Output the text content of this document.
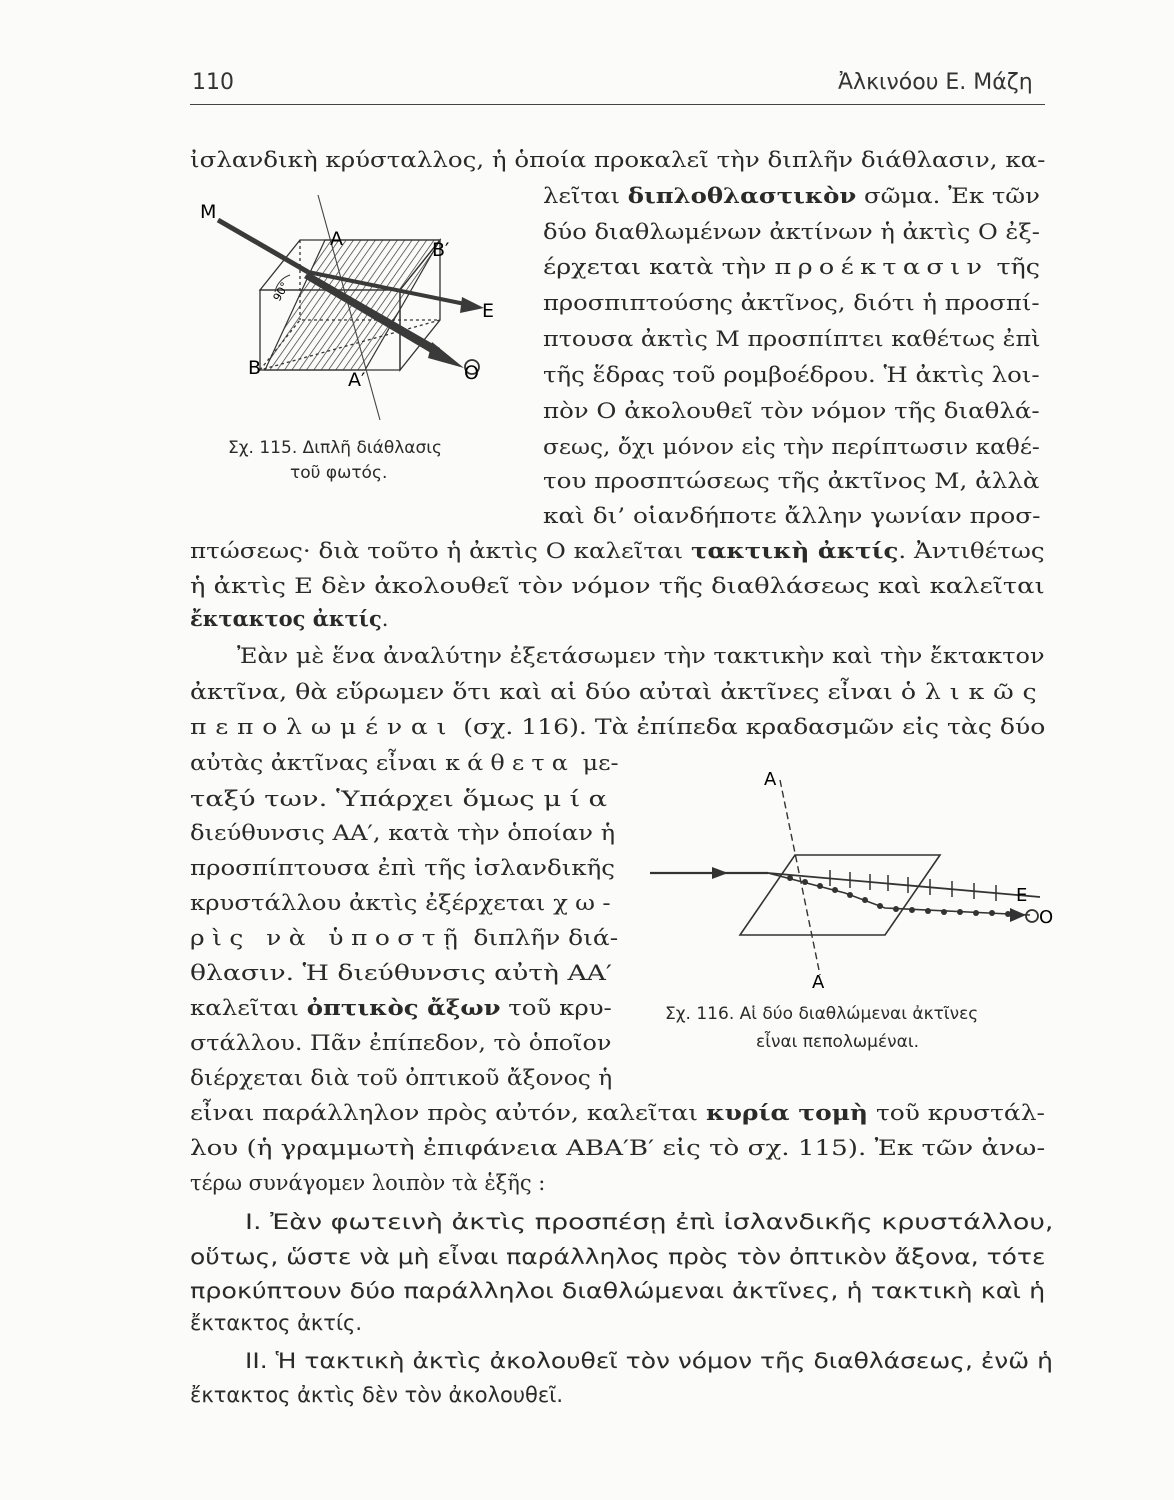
110	Ἀλκινόου Ε. Μάζη
M
A	B′
E
B
A′	O
90°
Σχ. 115. Διπλῆ διάθλασις
τοῦ φωτός.
A
A
E
O
Σχ. 116. Αἱ δύο διαθλώμεναι ἀκτῖνες
εἶναι πεπολωμέναι.
ἰσλανδικὴ κρύσταλλος, ἡ ὁποία προκαλεῖ τὴν διπλῆν διάθλασιν, κα-
λεῖται διπλοθλαστικὸν σῶμα. Ἐκ τῶν
δύο διαθλωμένων ἀκτίνων ἡ ἀκτὶς Ο ἐξ-
έρχεται κατὰ τὴν προέκτασιν τῆς
προσπιπτούσης ἀκτῖνος, διότι ἡ προσπί-
πτουσα ἀκτὶς Μ προσπίπτει καθέτως ἐπὶ
τῆς ἕδρας τοῦ ρομβοέδρου. Ἡ ἀκτὶς λοι-
πὸν Ο ἀκολουθεῖ τὸν νόμον τῆς διαθλά-
σεως, ὄχι μόνον εἰς τὴν περίπτωσιν καθέ-
του προσπτώσεως τῆς ἀκτῖνος Μ, ἀλλὰ
καὶ δι’ οἱανδήποτε ἄλλην γωνίαν προσ-
πτώσεως· διὰ τοῦτο ἡ ἀκτὶς Ο καλεῖται τακτικὴ ἀκτίς. Ἀντιθέτως
ἡ ἀκτὶς Ε δὲν ἀκολουθεῖ τὸν νόμον τῆς διαθλάσεως καὶ καλεῖται
ἔκτακτος ἀκτίς.
Ἐὰν μὲ ἕνα ἀναλύτην ἐξετάσωμεν τὴν τακτικὴν καὶ τὴν ἔκτακτον
ἀκτῖνα, θὰ εὕρωμεν ὅτι καὶ αἱ δύο αὐταὶ ἀκτῖνες εἶναι ὁλικῶς
πεπολωμέναι (σχ. 116). Τὰ ἐπίπεδα κραδασμῶν εἰς τὰς δύο
αὐτὰς ἀκτῖνας εἶναι κάθετα με-
ταξύ των. Ὑπάρχει ὅμως μία
διεύθυνσις ΑΑ′, κατὰ τὴν ὁποίαν ἡ
προσπίπτουσα ἐπὶ τῆς ἰσλανδικῆς
κρυστάλλου ἀκτὶς ἐξέρχεται χω-
ρὶς νὰ ὑποστῇ διπλῆν διά-
θλασιν. Ἡ διεύθυνσις αὐτὴ ΑΑ′
καλεῖται ὀπτικὸς ἄξων τοῦ κρυ-
στάλλου. Πᾶν ἐπίπεδον, τὸ ὁποῖον
διέρχεται διὰ τοῦ ὀπτικοῦ ἄξονος ἡ
εἶναι παράλληλον πρὸς αὐτόν, καλεῖται κυρία τομὴ τοῦ κρυστάλ-
λου (ἡ γραμμωτὴ ἐπιφάνεια ΑΒΑ′Β′ εἰς τὸ σχ. 115). Ἐκ τῶν ἀνω-
τέρω συνάγομεν λοιπὸν τὰ ἑξῆς :
I. Ἐὰν φωτεινὴ ἀκτὶς προσπέσῃ ἐπὶ ἰσλανδικῆς κρυστάλλου,
οὕτως, ὥστε νὰ μὴ εἶναι παράλληλος πρὸς τὸν ὀπτικὸν ἄξονα, τότε
προκύπτουν δύο παράλληλοι διαθλώμεναι ἀκτῖνες, ἡ τακτικὴ καὶ ἡ
ἔκτακτος ἀκτίς.
II. Ἡ τακτικὴ ἀκτὶς ἀκολουθεῖ τὸν νόμον τῆς διαθλάσεως, ἐνῶ ἡ
ἔκτακτος ἀκτὶς δὲν τὸν ἀκολουθεῖ.
